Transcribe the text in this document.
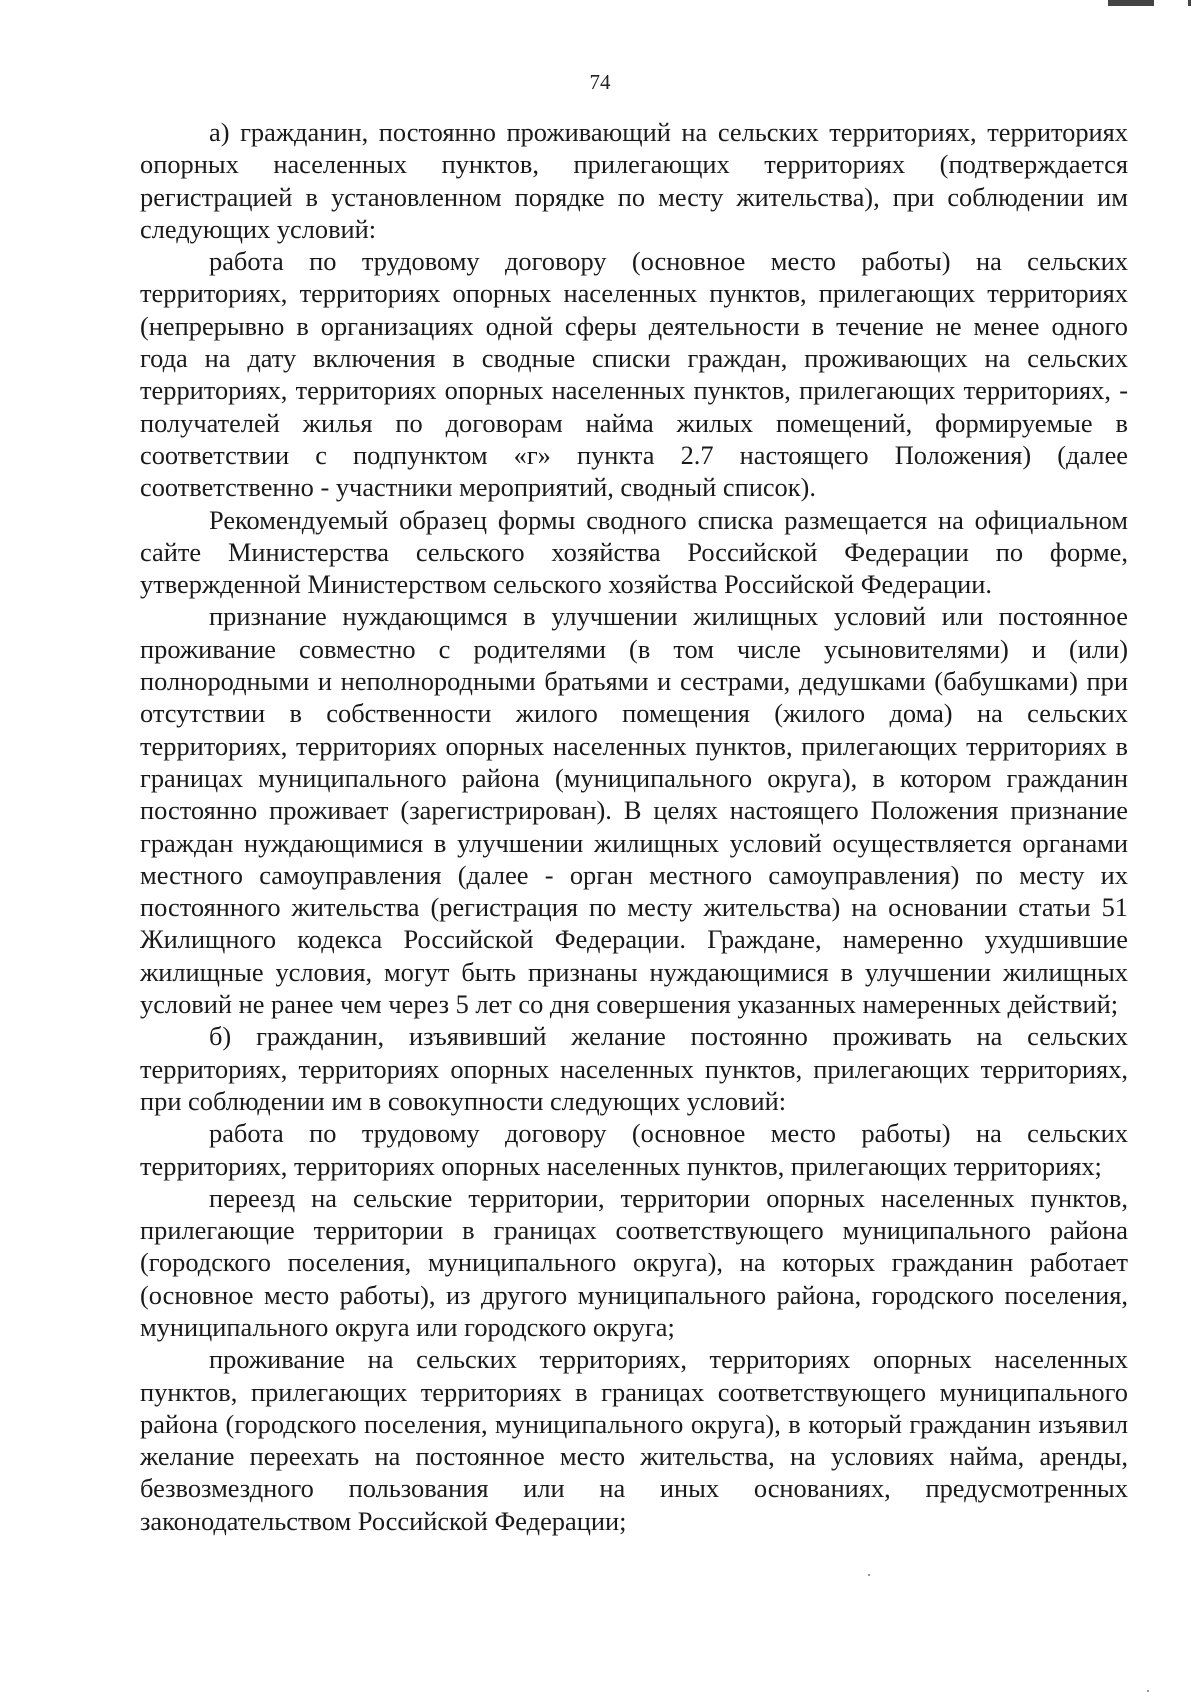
74

а) гражданин, постоянно проживающий на сельских территориях, территориях опорных населенных пунктов, прилегающих территориях (подтверждается регистрацией в установленном порядке по месту жительства), при соблюдении им следующих условий:

работа по трудовому договору (основное место работы) на сельских территориях, территориях опорных населенных пунктов, прилегающих территориях (непрерывно в организациях одной сферы деятельности в течение не менее одного года на дату включения в сводные списки граждан, проживающих на сельских территориях, территориях опорных населенных пунктов, прилегающих территориях, - получателей жилья по договорам найма жилых помещений, формируемые в соответствии с подпунктом «г» пункта 2.7 настоящего Положения) (далее соответственно - участники мероприятий, сводный список).

Рекомендуемый образец формы сводного списка размещается на официальном сайте Министерства сельского хозяйства Российской Федерации по форме, утвержденной Министерством сельского хозяйства Российской Федерации.

признание нуждающимся в улучшении жилищных условий или постоянное проживание совместно с родителями (в том числе усыновителями) и (или) полнородными и неполнородными братьями и сестрами, дедушками (бабушками) при отсутствии в собственности жилого помещения (жилого дома) на сельских территориях, территориях опорных населенных пунктов, прилегающих территориях в границах муниципального района (муниципального округа), в котором гражданин постоянно проживает (зарегистрирован). В целях настоящего Положения признание граждан нуждающимися в улучшении жилищных условий осуществляется органами местного самоуправления (далее - орган местного самоуправления) по месту их постоянного жительства (регистрация по месту жительства) на основании статьи 51 Жилищного кодекса Российской Федерации. Граждане, намеренно ухудшившие жилищные условия, могут быть признаны нуждающимися в улучшении жилищных условий не ранее чем через 5 лет со дня совершения указанных намеренных действий;

б) гражданин, изъявивший желание постоянно проживать на сельских территориях, территориях опорных населенных пунктов, прилегающих территориях, при соблюдении им в совокупности следующих условий:

работа по трудовому договору (основное место работы) на сельских территориях, территориях опорных населенных пунктов, прилегающих территориях;

переезд на сельские территории, территории опорных населенных пунктов, прилегающие территории в границах соответствующего муниципального района (городского поселения, муниципального округа), на которых гражданин работает (основное место работы), из другого муниципального района, городского поселения, муниципального округа или городского округа;

проживание на сельских территориях, территориях опорных населенных пунктов, прилегающих территориях в границах соответствующего муниципального района (городского поселения, муниципального округа), в который гражданин изъявил желание переехать на постоянное место жительства, на условиях найма, аренды, безвозмездного пользования или на иных основаниях, предусмотренных законодательством Российской Федерации;
